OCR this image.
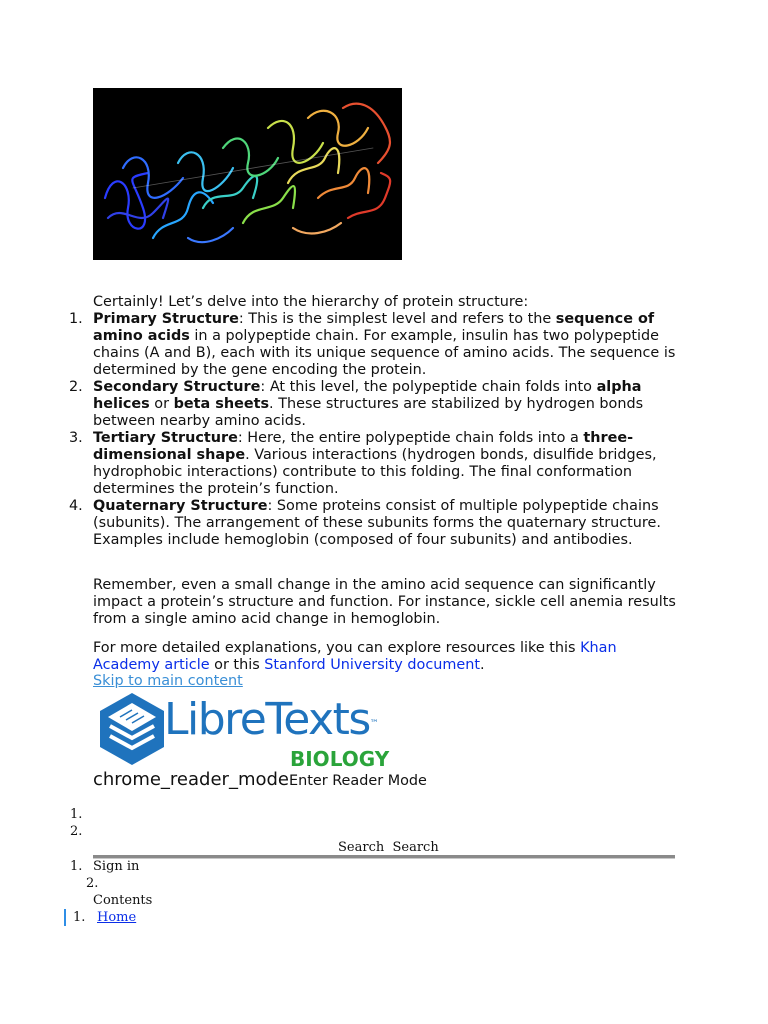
Certainly! Let’s delve into the hierarchy of protein structure:
1. Primary Structure: This is the simplest level and refers to the sequence of amino acids in a polypeptide chain. For example, insulin has two polypeptide chains (A and B), each with its unique sequence of amino acids. The sequence is determined by the gene encoding the protein.
2. Secondary Structure: At this level, the polypeptide chain folds into alpha helices or beta sheets. These structures are stabilized by hydrogen bonds between nearby amino acids.
3. Tertiary Structure: Here, the entire polypeptide chain folds into a three-dimensional shape. Various interactions (hydrogen bonds, disulfide bridges, hydrophobic interactions) contribute to this folding. The final conformation determines the protein’s function.
4. Quaternary Structure: Some proteins consist of multiple polypeptide chains (subunits). The arrangement of these subunits forms the quaternary structure. Examples include hemoglobin (composed of four subunits) and antibodies.
Remember, even a small change in the amino acid sequence can significantly impact a protein’s structure and function. For instance, sickle cell anemia results from a single amino acid change in hemoglobin.
For more detailed explanations, you can explore resources like this Khan Academy article or this Stanford University document.
Skip to main content
LibreTexts™
BIOLOGY
chrome_reader_modeEnter Reader Mode
1.
2.
Search Search
1. Sign in
2.
Contents
1. Home
